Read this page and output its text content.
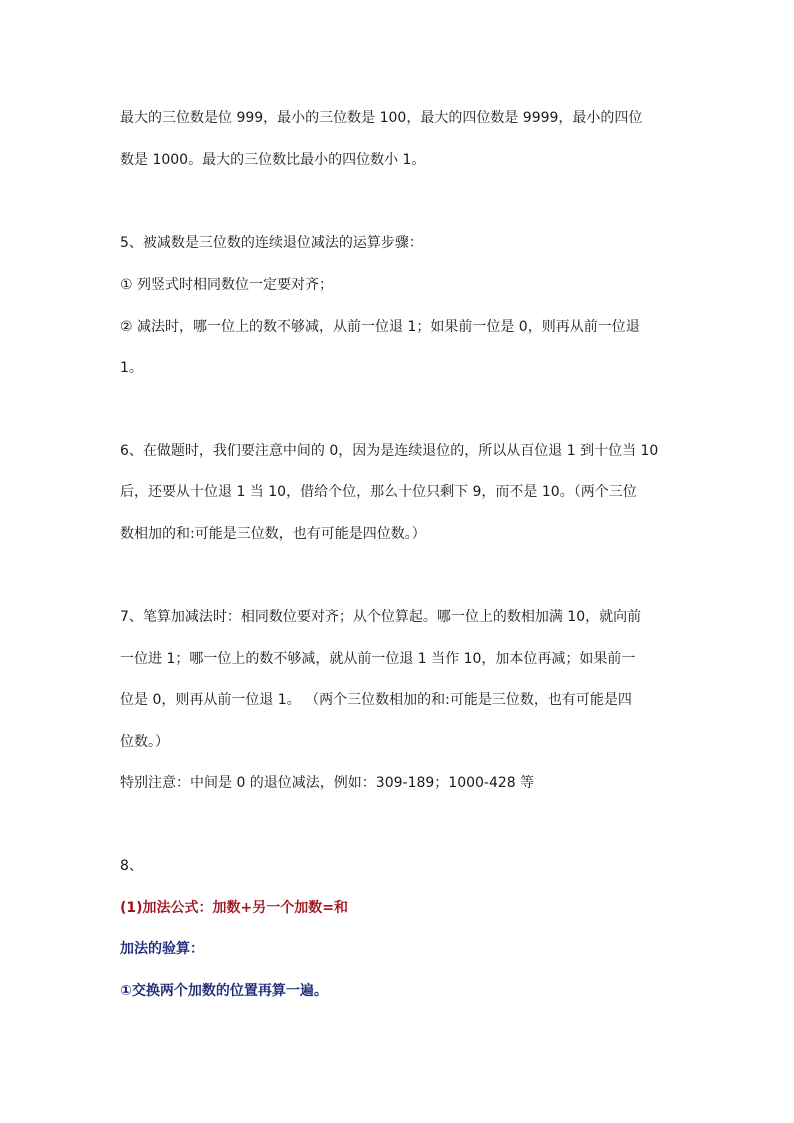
最大的三位数是位 999，最小的三位数是 100，最大的四位数是 9999，最小的四位
数是 1000。最大的三位数比最小的四位数小 1。
5、被减数是三位数的连续退位减法的运算步骤：
① 列竖式时相同数位一定要对齐；
② 减法时，哪一位上的数不够减，从前一位退 1；如果前一位是 0，则再从前一位退
1。
6、在做题时，我们要注意中间的 0，因为是连续退位的，所以从百位退 1 到十位当 10
后，还要从十位退 1 当 10，借给个位，那么十位只剩下 9，而不是 10。（两个三位
数相加的和:可能是三位数，也有可能是四位数。）
7、笔算加减法时：相同数位要对齐；从个位算起。哪一位上的数相加满 10，就向前
一位进 1；哪一位上的数不够减，就从前一位退 1 当作 10，加本位再减；如果前一
位是 0，则再从前一位退 1。 （两个三位数相加的和:可能是三位数，也有可能是四
位数。）
特别注意：中间是 0 的退位减法，例如：309-189；1000-428 等
8、
(1)加法公式：加数+另一个加数=和
加法的验算：
①交换两个加数的位置再算一遍。
